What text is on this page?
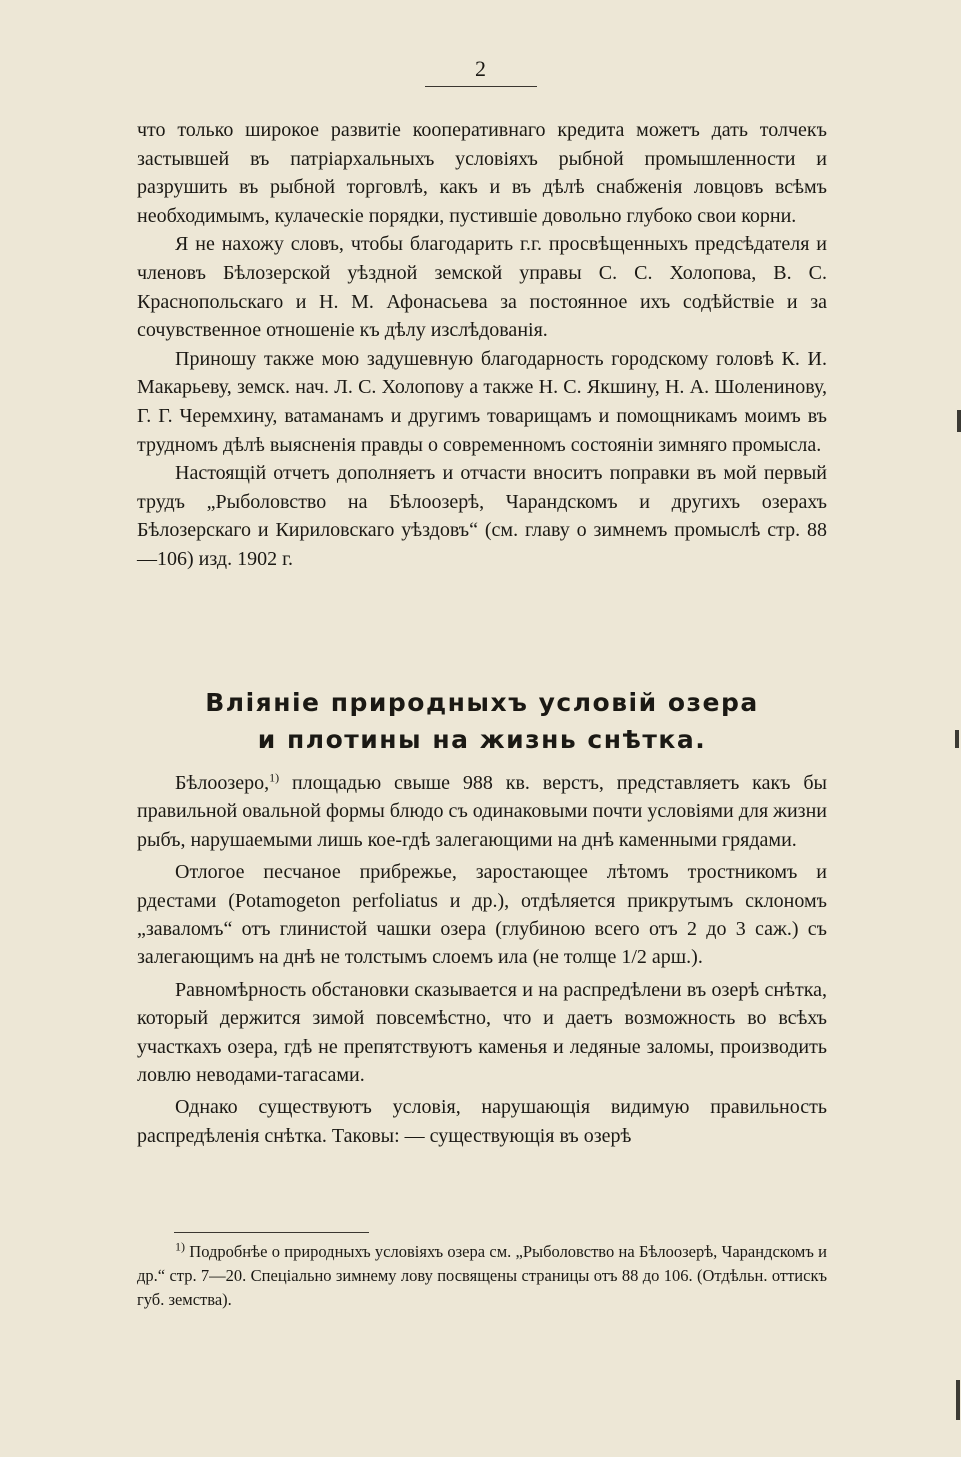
2

что только широкое развитіе кооперативнаго кредита можетъ дать толчекъ застывшей въ патріархальныхъ условіяхъ рыбной промышленности и разрушить въ рыбной торговлѣ, какъ и въ дѣлѣ снабженія ловцовъ всѣмъ необходимымъ, кулаческіе порядки, пустившіе довольно глубоко свои корни.

Я не нахожу словъ, чтобы благодарить г.г. просвѣщенныхъ предсѣдателя и членовъ Бѣлозерской уѣздной земской управы С. С. Холопова, В. С. Краснопольскаго и Н. М. Афонасьева за постоянное ихъ содѣйствіе и за сочувственное отношеніе къ дѣлу изслѣдованія.

Приношу также мою задушевную благодарность городскому головѣ К. И. Макарьеву, земск. нач. Л. С. Холопову а также Н. С. Якшину, Н. А. Шоленинову, Г. Г. Черемхину, ватаманамъ и другимъ товарищамъ и помощникамъ моимъ въ трудномъ дѣлѣ выясненія правды о современномъ состояніи зимняго промысла.

Настоящій отчетъ дополняетъ и отчасти вноситъ поправки въ мой первый трудъ „Рыболовство на Бѣлоозерѣ, Чарандскомъ и другихъ озерахъ Бѣлозерскаго и Кириловскаго уѣздовъ“ (см. главу о зимнемъ промыслѣ стр. 88—106) изд. 1902 г.

Вліяніе природныхъ условій озера
и плотины на жизнь снѣтка.

Бѣлоозеро,$^{1)}$ площадью свыше 988 кв. верстъ, представляетъ какъ бы правильной овальной формы блюдо съ одинаковыми почти условіями для жизни рыбъ, нарушаемыми лишь кое-гдѣ залегающими на днѣ каменными грядами.

Отлогое песчаное прибрежье, заростающее лѣтомъ тростникомъ и рдестами (Potamogeton perfoliatus и др.), отдѣляется прикрутымъ склономъ „заваломъ“ отъ глинистой чашки озера (глубиною всего отъ 2 до 3 саж.) съ залегающимъ на днѣ не толстымъ слоемъ ила (не толще 1/2 арш.).

Равномѣрность обстановки сказывается и на распредѣлени въ озерѣ снѣтка, который держится зимой повсемѣстно, что и даетъ возможность во всѣхъ участкахъ озера, гдѣ не препятствуютъ каменья и ледяные заломы, производить ловлю неводами-тагасами.

Однако существуютъ условія, нарушающія видимую правильность распредѣленія снѣтка. Таковы: — существующія въ озерѣ

$^{1)}$ Подробнѣе о природныхъ условіяхъ озера см. „Рыболовство на Бѣлоозерѣ, Чарандскомъ и др.“ стр. 7—20. Спеціально зимнему лову посвящены страницы отъ 88 до 106. (Отдѣльн. оттискъ губ. земства).
